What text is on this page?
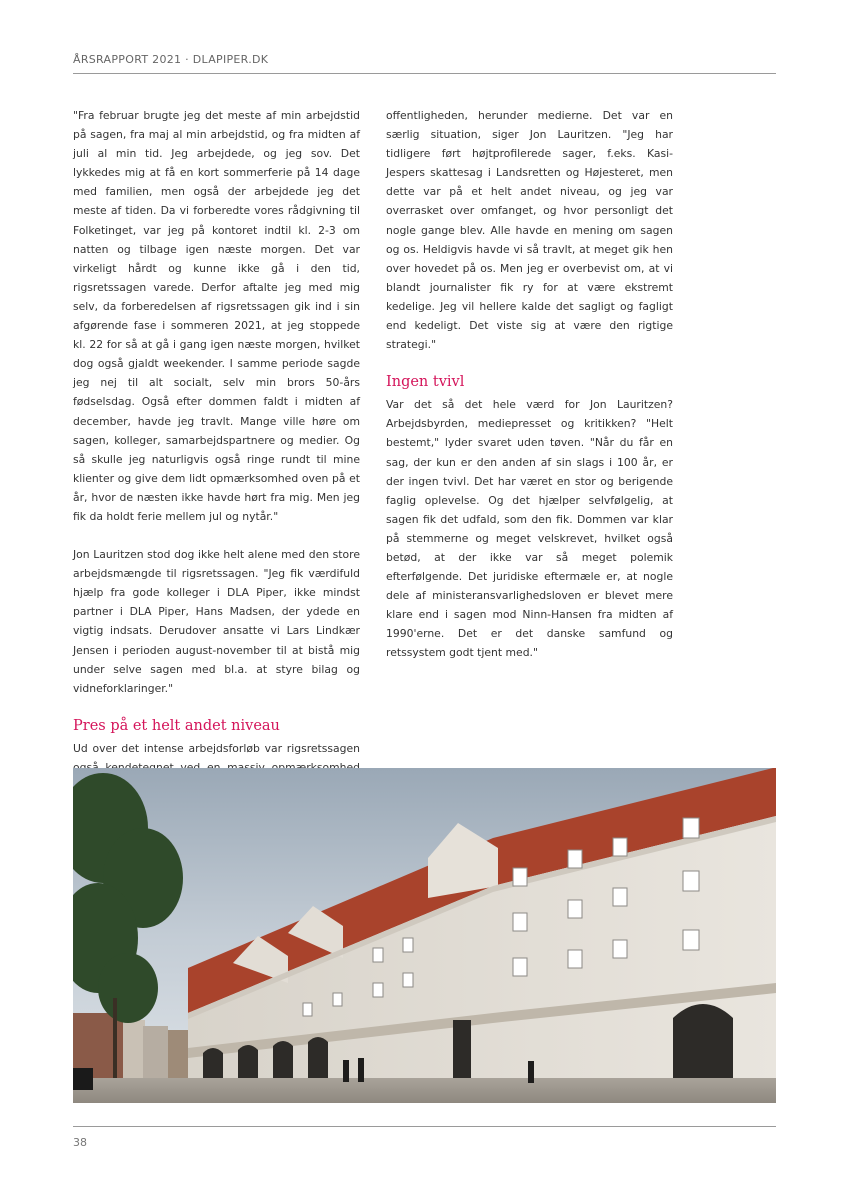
ÅRSRAPPORT 2021 · DLAPIPER.DK

"Fra februar brugte jeg det meste af min arbejdstid på sagen, fra maj al min arbejdstid, og fra midten af juli al min tid. Jeg arbejdede, og jeg sov. Det lykkedes mig at få en kort sommerferie på 14 dage med familien, men også der arbejdede jeg det meste af tiden. Da vi forberedte vores rådgivning til Folketinget, var jeg på kontoret indtil kl. 2-3 om natten og tilbage igen næste morgen. Det var virkeligt hårdt og kunne ikke gå i den tid, rigsretssagen varede. Derfor aftalte jeg med mig selv, da forberedelsen af rigsretssagen gik ind i sin afgørende fase i sommeren 2021, at jeg stoppede kl. 22 for så at gå i gang igen næste morgen, hvilket dog også gjaldt weekender. I samme periode sagde jeg nej til alt socialt, selv min brors 50-års fødselsdag. Også efter dommen faldt i midten af december, havde jeg travlt. Mange ville høre om sagen, kolleger, samarbejdspartnere og medier. Og så skulle jeg naturligvis også ringe rundt til mine klienter og give dem lidt opmærksomhed oven på et år, hvor de næsten ikke havde hørt fra mig. Men jeg fik da holdt ferie mellem jul og nytår."

Jon Lauritzen stod dog ikke helt alene med den store arbejdsmængde til rigsretssagen. "Jeg fik værdifuld hjælp fra gode kolleger i DLA Piper, ikke mindst partner i DLA Piper, Hans Madsen, der ydede en vigtig indsats. Derudover ansatte vi Lars Lindkær Jensen i perioden august-november til at bistå mig under selve sagen med bl.a. at styre bilag og vidneforklaringer."

Pres på et helt andet niveau

Ud over det intense arbejdsforløb var rigsretssagen

offentligheden, herunder medierne. Det var en særlig situation, siger Jon Lauritzen. "Jeg har tidligere ført højtprofilerede sager, f.eks. Kasi-Jespers skattesag i Landsretten og Højesteret, men dette var på et helt andet niveau, og jeg var overrasket over omfanget, og hvor personligt det nogle gange blev. Alle havde en mening om sagen og os. Heldigvis havde vi så travlt, at meget gik hen over hovedet på os. Men jeg er overbevist om, at vi blandt journalister fik ry for at være ekstremt kedelige. Jeg vil hellere kalde det sagligt og fagligt end kedeligt. Det viste sig at være den rigtige strategi."

Ingen tvivl

Var det så det hele værd for Jon Lauritzen? Arbejdsbyrden, mediepresset og kritikken? "Helt bestemt," lyder svaret uden tøven. "Når du får en sag, der kun er den anden af sin slags i 100 år, er der ingen tvivl. Det har været en stor og berigende faglig oplevelse. Og det hjælper selvfølgelig, at sagen fik det udfald, som den fik. Dommen var klar på stemmerne og meget velskrevet, hvilket også betød, at der ikke var så meget polemik efterfølgende. Det juridiske eftermæle er, at nogle dele af ministeransvarlighedsloven er blevet mere klare end i sagen mod Ninn-Hansen fra midten af 1990'erne. Det er det danske samfund og retssystem godt tjent med."

38
